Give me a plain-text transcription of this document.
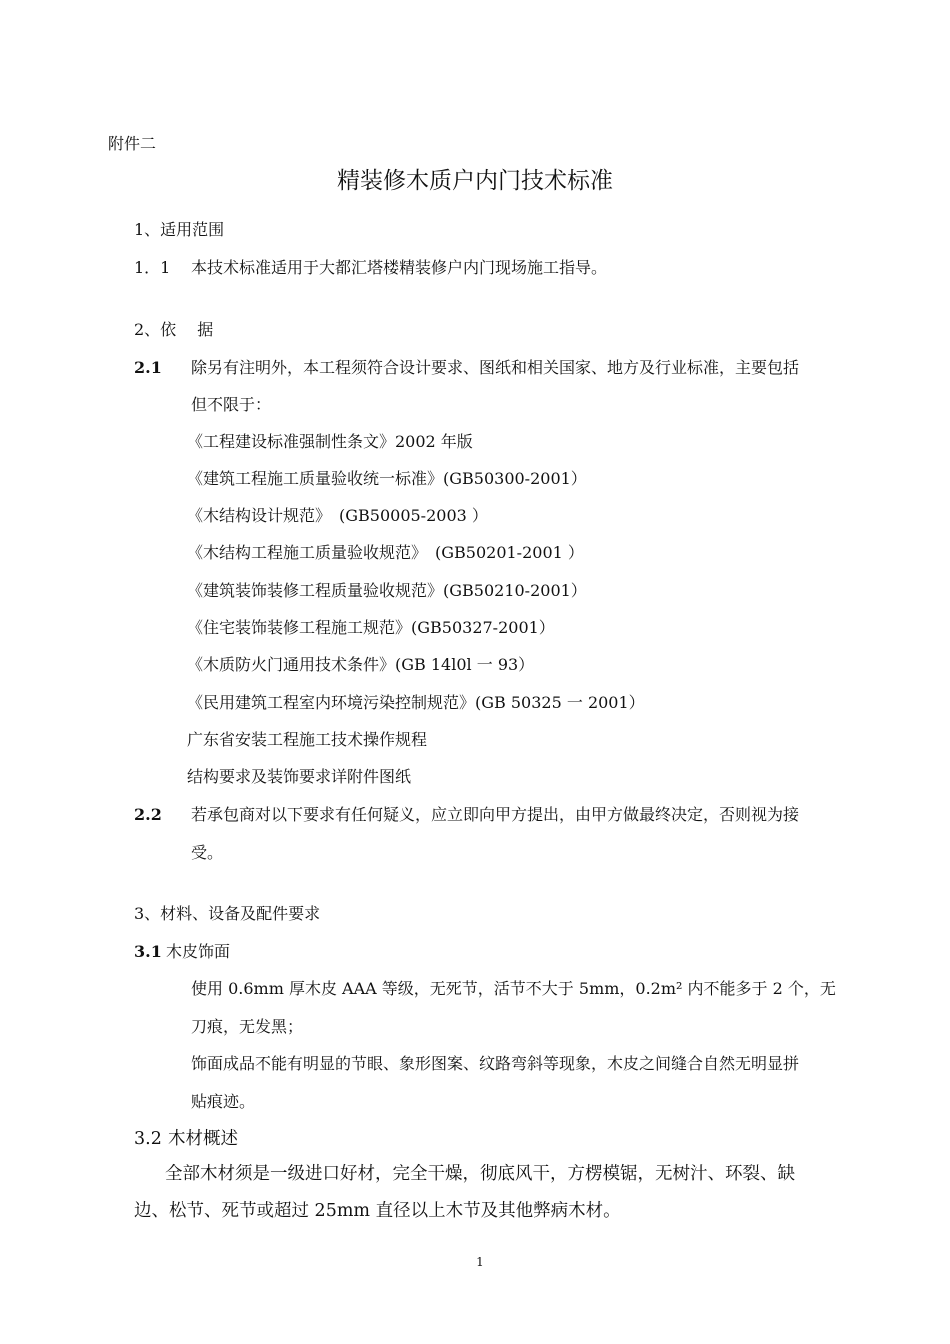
附件二
精装修木质户内门技术标准
1、适用范围
1．1 本技术标准适用于大都汇塔楼精装修户内门现场施工指导。
2、依　 据
2.1 除另有注明外，本工程须符合设计要求、图纸和相关国家、地方及行业标准，主要包括
但不限于：
《工程建设标准强制性条文》2002 年版
《建筑工程施工质量验收统一标准》(GB50300-2001）
《木结构设计规范》　(GB50005-2003 ）
《木结构工程施工质量验收规范》　(GB50201-2001 ）
《建筑装饰装修工程质量验收规范》(GB50210-2001）
《住宅装饰装修工程施工规范》(GB50327-2001）
《木质防火门通用技术条件》(GB 14l0l 一 93）
《民用建筑工程室内环境污染控制规范》(GB 50325 一 2001）
广东省安装工程施工技术操作规程
结构要求及装饰要求详附件图纸
2.2 若承包商对以下要求有任何疑义，应立即向甲方提出，由甲方做最终决定，否则视为接
受。
3、材料、设备及配件要求
3.1 木皮饰面
使用 0.6mm 厚木皮 AAA 等级，无死节，活节不大于 5mm，0.2m² 内不能多于 2 个，无
刀痕，无发黑；
饰面成品不能有明显的节眼、象形图案、纹路弯斜等现象，木皮之间缝合自然无明显拼
贴痕迹。
3.2 木材概述
全部木材须是一级进口好材，完全干燥，彻底风干，方楞模锯，无树汁、环裂、缺
边、松节、死节或超过 25mm 直径以上木节及其他弊病木材。
1
